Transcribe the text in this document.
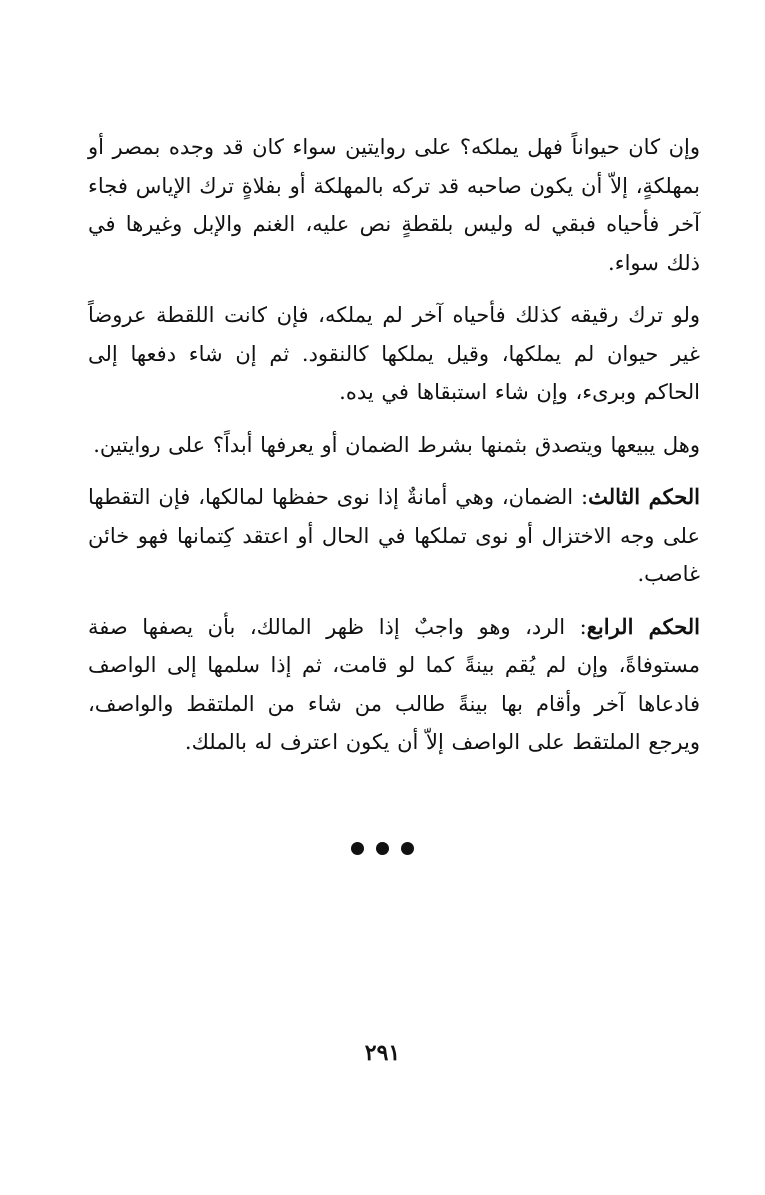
وإن كان حيواناً فهل يملكه؟ على روايتين سواء كان قد وجده بمصر أو بمهلكةٍ، إلاّ أن يكون صاحبه قد تركه بالمهلكة أو بفلاةٍ ترك الإياس فجاء آخر فأحياه فبقي له وليس بلقطةٍ نص عليه، الغنم والإبل وغيرها في ذلك سواء.

ولو ترك رقيقه كذلك فأحياه آخر لم يملكه، فإن كانت اللقطة عروضاً غير حيوان لم يملكها، وقيل يملكها كالنقود. ثم إن شاء دفعها إلى الحاكم وبرىء، وإن شاء استبقاها في يده.

وهل يبيعها ويتصدق بثمنها بشرط الضمان أو يعرفها أبداً؟ على روايتين.

الحكم الثالث: الضمان، وهي أمانةٌ إذا نوى حفظها لمالكها، فإن التقطها على وجه الاختزال أو نوى تملكها في الحال أو اعتقد كِتمانها فهو خائن غاصب.

الحكم الرابع: الرد، وهو واجبٌ إذا ظهر المالك، بأن يصفها صفة مستوفاةً، وإن لم يُقم بينةً كما لو قامت، ثم إذا سلمها إلى الواصف فادعاها آخر وأقام بها بينةً طالب من شاء من الملتقط والواصف، ويرجع الملتقط على الواصف إلاّ أن يكون اعترف له بالملك.

٢٩١
